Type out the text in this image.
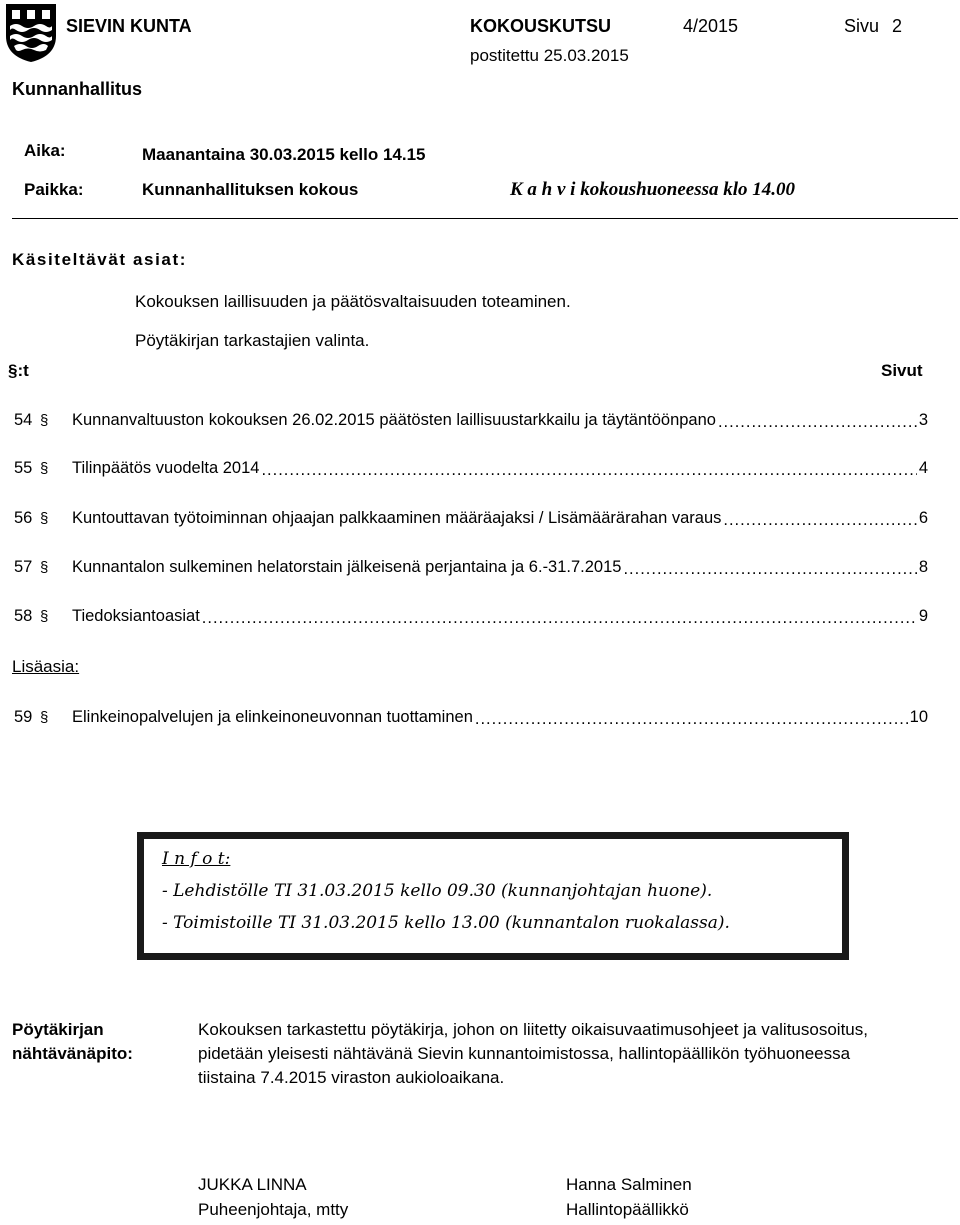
SIEVIN KUNTA	KOKOUSKUTSU	4/2015	Sivu 2
postitettu 25.03.2015
Kunnanhallitus
Aika:	Maanantaina 30.03.2015 kello 14.15
Paikka:	Kunnanhallituksen kokous	K a h v i kokoushuoneessa klo 14.00
Käsiteltävät asiat:
Kokouksen laillisuuden ja päätösvaltaisuuden toteaminen.
Pöytäkirjan tarkastajien valinta.
§:t	Sivut
54 §	Kunnanvaltuuston kokouksen 26.02.2015 päätösten laillisuustarkkailu ja täytäntöönpano .....	3
55 §	Tilinpäätös vuodelta 2014 .....	4
56 §	Kuntouttavan työtoiminnan ohjaajan palkkaaminen määräajaksi / Lisämäärärahan varaus .....	6
57 §	Kunnantalon sulkeminen helatorstain jälkeisenä perjantaina ja 6.-31.7.2015 .....	8
58 §	Tiedoksiantoasiat .....	9
Lisäasia:
59 §	Elinkeinopalvelujen ja elinkeinoneuvonnan tuottaminen .....	10
I n f o t:
- Lehdistölle TI 31.03.2015 kello 09.30 (kunnanjohtajan huone).
- Toimistoille TI 31.03.2015 kello 13.00 (kunnantalon ruokalassa).
Pöytäkirjan
nähtävänäpito:
Kokouksen tarkastettu pöytäkirja, johon on liitetty oikaisuvaatimusohjeet ja valitusosoitus,
pidetään yleisesti nähtävänä Sievin kunnantoimistossa, hallintopäällikön työhuoneessa
tiistaina 7.4.2015 viraston aukioloaikana.
JUKKA LINNA
Puheenjohtaja, mtty
Hanna Salminen
Hallintopäällikkö
